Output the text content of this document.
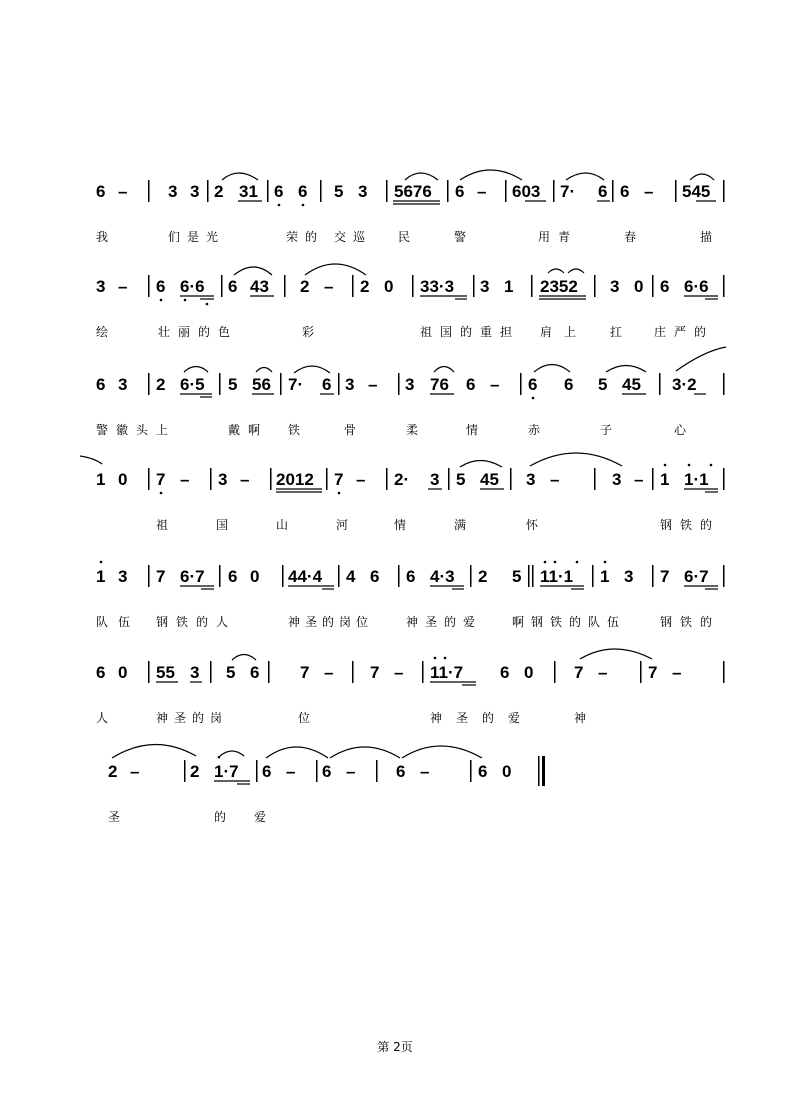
6 – 3 3 2 31 6 6 5 3 5676 6 – 603 7· 6 6 – 545
我	们是光	荣的 交巡 民	警	用青	春	描
3 – 6 6·6 6 43 2 – 2 0 33·3 3 1 2352 3 0 6 6·6
绘	壮丽的色	彩	祖国的重担 肩上 扛	庄严的
6 3 2 6·5 5 56 7· 6 3 – 3 76 6 – 6 6 5 45 3·2
警徽头上	戴啊 铁	骨	柔	情	赤	子	心
1 0 7 – 3 – 2012 7 – 2· 3 5 45 3 –	3 – 1 1·1
祖	国	山	河	情	满	怀	钢铁的
1 3 7 6·7 6 0 44·4 4 6 6 4·3 2 5 11·1 1 3 7 6·7
队伍 钢铁的人	神圣的岗位	神圣的爱 啊钢铁的队伍	钢铁的
6 0 55 3 5 6 7 – 7 – 11·7 6 0 7 – 7 –
人	神圣的岗	位	神圣的爱	神
2 –	2 1·7 6 – 6 – 6 –	6 0
圣	的爱
第 2页
